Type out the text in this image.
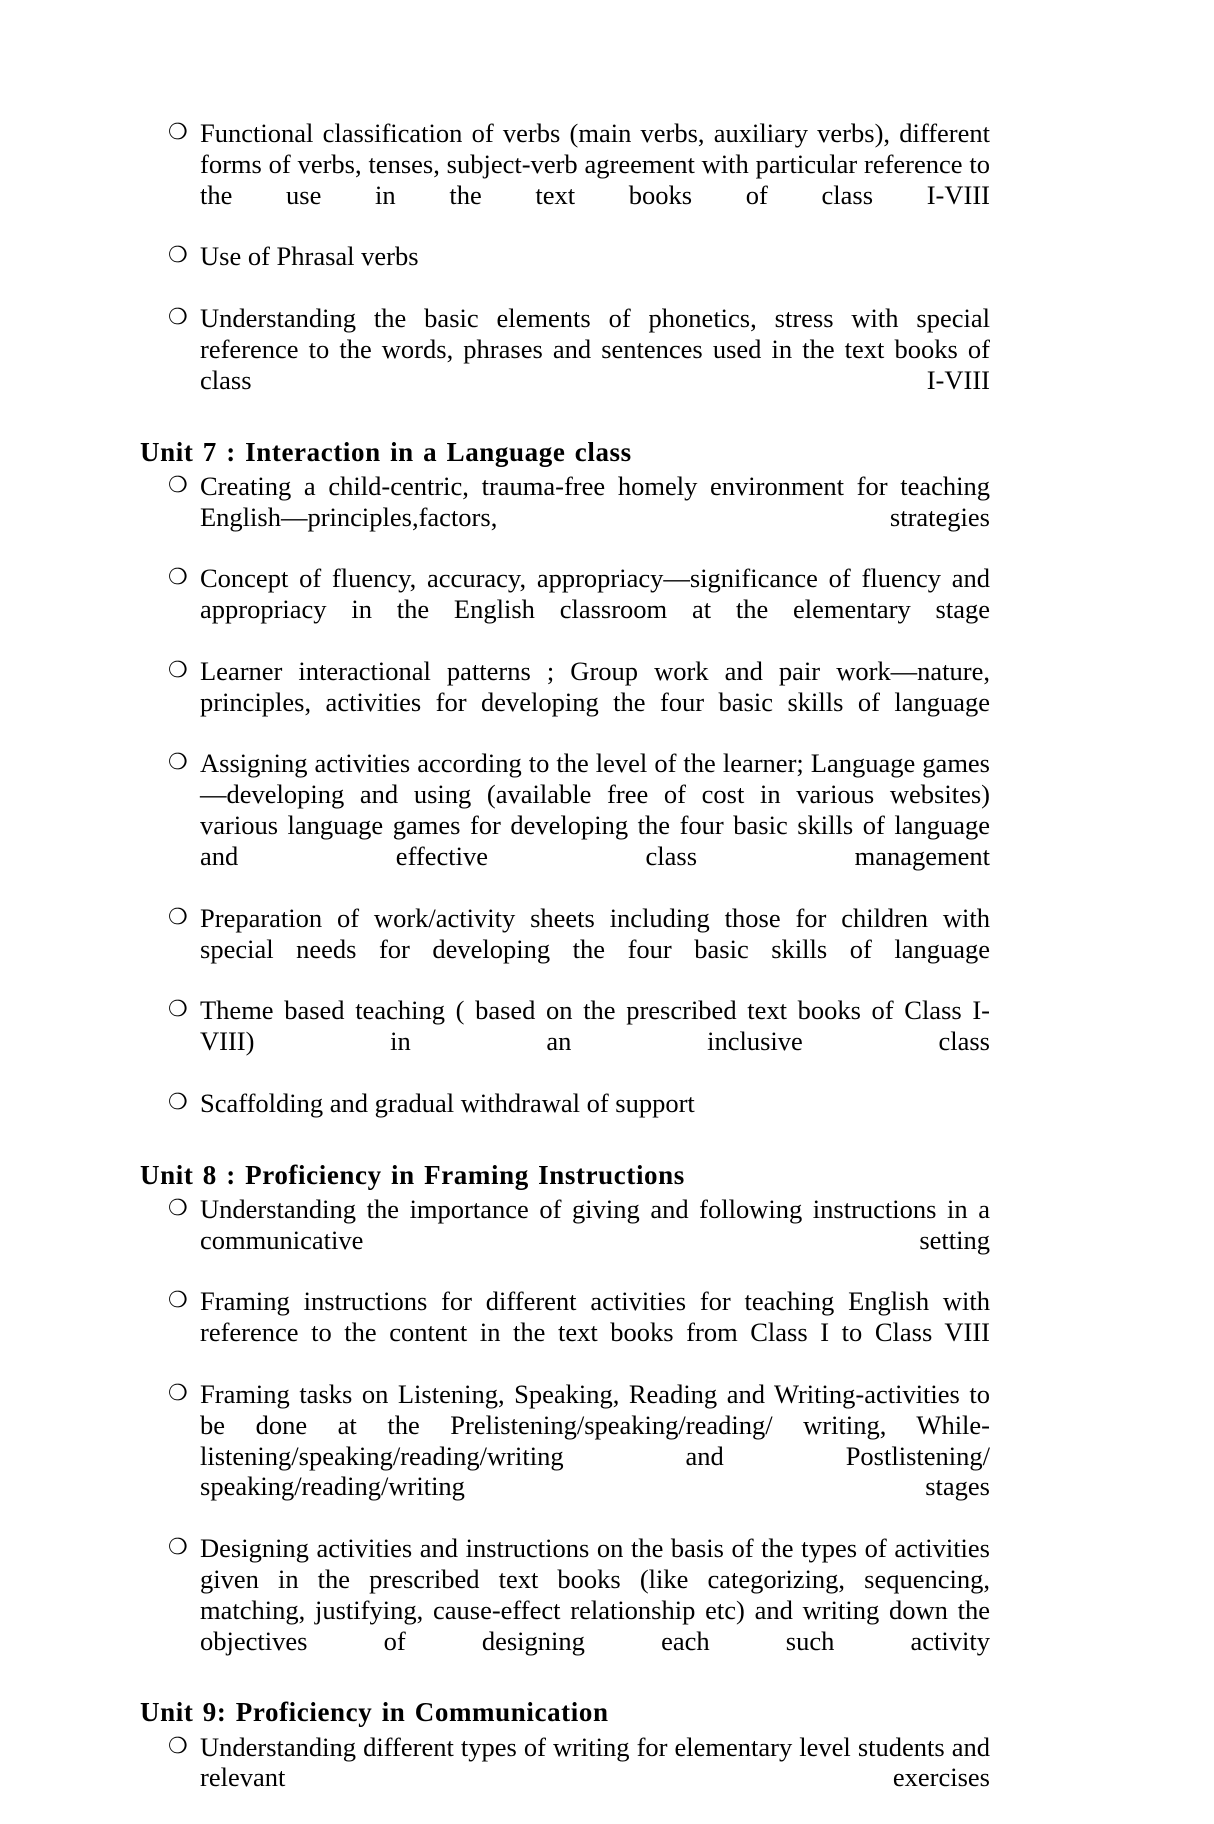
❍ Functional classification of verbs (main verbs, auxiliary verbs), different forms of verbs, tenses, subject-verb agreement with particular reference to the use in the text books of class I-VIII
❍ Use of Phrasal verbs
❍ Understanding the basic elements of phonetics, stress with special reference to the words, phrases and sentences used in the text books of class I-VIII
Unit 7 : Interaction in a Language class
❍ Creating a child-centric, trauma-free homely environment for teaching English—principles,factors, strategies
❍ Concept of fluency, accuracy, appropriacy—significance of fluency and appropriacy in the English classroom at the elementary stage
❍ Learner interactional patterns ; Group work and pair work—nature, principles, activities for developing the four basic skills of language
❍ Assigning activities according to the level of the learner; Language games—developing and using (available free of cost in various websites) various language games for developing the four basic skills of language and effective class management
❍ Preparation of work/activity sheets including those for children with special needs for developing the four basic skills of language
❍ Theme based teaching ( based on the prescribed text books of Class I-VIII) in an inclusive class
❍ Scaffolding and gradual withdrawal of support
Unit 8 : Proficiency in Framing Instructions
❍ Understanding the importance of giving and following instructions in a communicative setting
❍ Framing instructions for different activities for teaching English with reference to the content in the text books from Class I to Class VIII
❍ Framing tasks on Listening, Speaking, Reading and Writing-activities to be done at the Prelistening/speaking/reading/ writing, While- listening/speaking/reading/writing and Postlistening/ speaking/reading/writing stages
❍ Designing activities and instructions on the basis of the types of activities given in the prescribed text books (like categorizing, sequencing, matching, justifying, cause-effect relationship etc) and writing down the objectives of designing each such activity
Unit 9: Proficiency in Communication
❍ Understanding different types of writing for elementary level students and relevant exercises
